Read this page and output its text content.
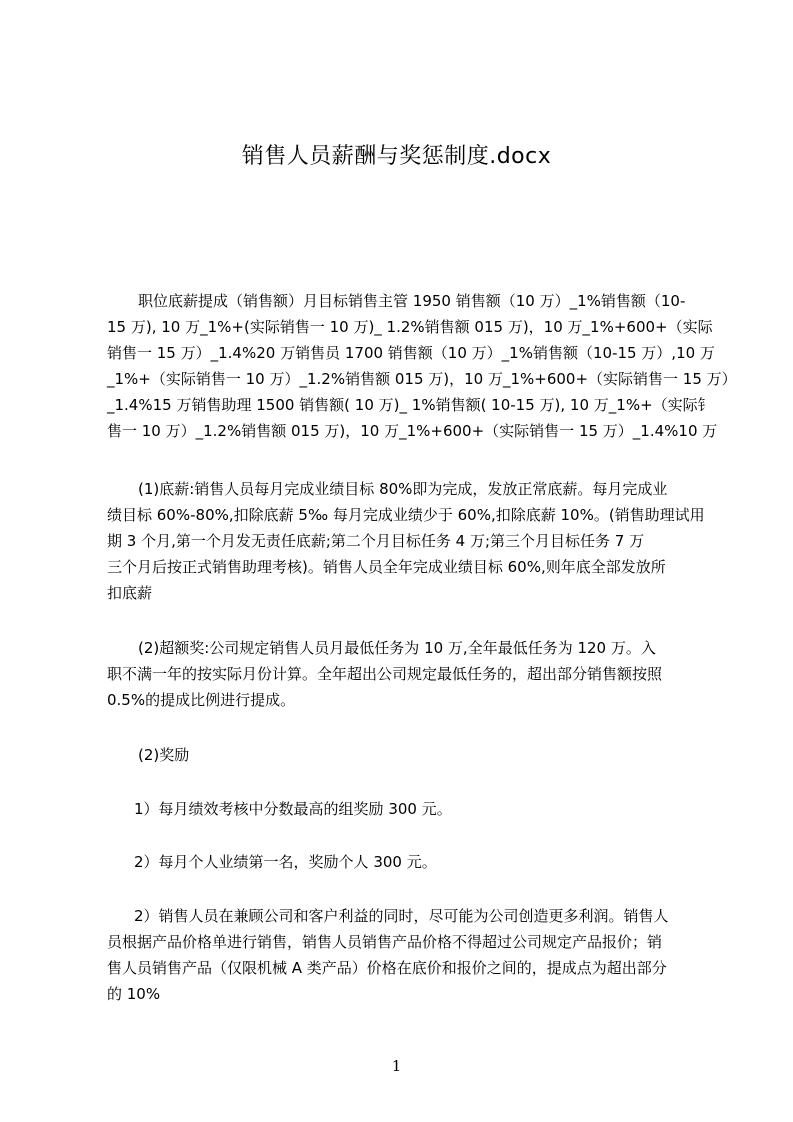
销售人员薪酬与奖惩制度.docx
职位底薪提成（销售额）月目标销售主管 1950 销售额（10 万）_1%销售额（10-
15 万), 10 万_1%+(实际销售一 10 万)_ 1.2%销售额 015 万)，10 万_1%+600+（实际
销售一 15 万）_1.4%20 万销售员 1700 销售额（10 万）_1%销售额（10-15 万）,10 万
_1%+（实际销售一 10 万）_1.2%销售额 015 万)，10 万_1%+600+（实际销售一 15 万）
_1.4%15 万销售助理 1500 销售额( 10 万)_ 1%销售额( 10-15 万), 10 万_1%+（实际钅
售一 10 万）_1.2%销售额 015 万)，10 万_1%+600+（实际销售一 15 万）_1.4%10 万
(1)底薪:销售人员每月完成业绩目标 80%即为完成，发放正常底薪。每月完成业
绩目标 60%-80%,扣除底薪 5‰ 每月完成业绩少于 60%,扣除底薪 10%。(销售助理试用
期 3 个月,第一个月发无责任底薪;第二个月目标任务 4 万;第三个月目标任务 7 万
三个月后按正式销售助理考核)。销售人员全年完成业绩目标 60%,则年底全部发放所
扣底薪
(2)超额奖:公司规定销售人员月最低任务为 10 万,全年最低任务为 120 万。入
职不满一年的按实际月份计算。全年超出公司规定最低任务的，超出部分销售额按照
0.5%的提成比例进行提成。
(2)奖励
1）每月绩效考核中分数最高的组奖励 300 元。
2）每月个人业绩第一名，奖励个人 300 元。
2）销售人员在兼顾公司和客户利益的同时，尽可能为公司创造更多利润。销售人
员根据产品价格单进行销售，销售人员销售产品价格不得超过公司规定产品报价；销
售人员销售产品（仅限机械 A 类产品）价格在底价和报价之间的，提成点为超出部分
的 10%
1
